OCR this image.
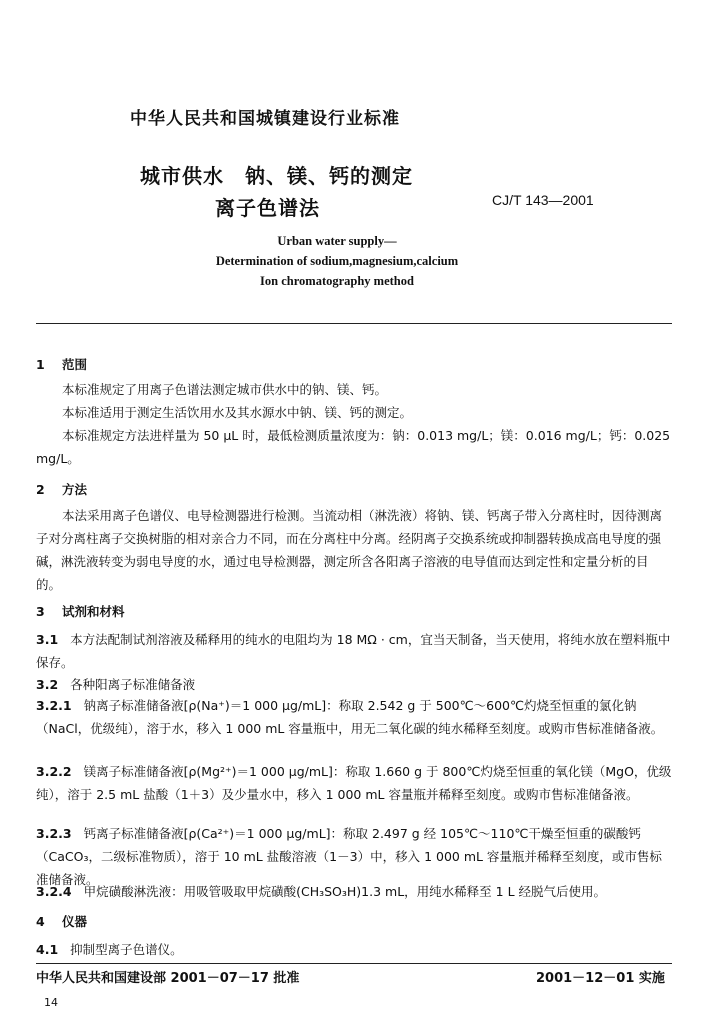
中华人民共和国城镇建设行业标准
城市供水　钠、镁、钙的测定
离子色谱法	CJ/T 143—2001
Urban water supply—
Determination of sodium,magnesium,calcium
Ion chromatography method
1 范围
本标准规定了用离子色谱法测定城市供水中的钠、镁、钙。
本标准适用于测定生活饮用水及其水源水中钠、镁、钙的测定。
本标准规定方法进样量为 50 μL 时，最低检测质量浓度为：钠：0.013 mg/L；镁：0.016 mg/L；钙：0.025 mg/L。
2 方法
本法采用离子色谱仪、电导检测器进行检测。当流动相（淋洗液）将钠、镁、钙离子带入分离柱时，因待测离子对分离柱离子交换树脂的相对亲合力不同，而在分离柱中分离。经阴离子交换系统或抑制器转换成高电导度的强碱，淋洗液转变为弱电导度的水，通过电导检测器，测定所含各阳离子溶液的电导值而达到定性和定量分析的目的。
3 试剂和材料
3.1 本方法配制试剂溶液及稀释用的纯水的电阻均为 18 MΩ · cm，宜当天制备，当天使用，将纯水放在塑料瓶中保存。
3.2 各种阳离子标准储备液
3.2.1 钠离子标准储备液[ρ(Na⁺)＝1 000 μg/mL]：称取 2.542 g 于 500℃～600℃灼烧至恒重的氯化钠（NaCl，优级纯），溶于水，移入 1 000 mL 容量瓶中，用无二氧化碳的纯水稀释至刻度。或购市售标准储备液。
3.2.2 镁离子标准储备液[ρ(Mg²⁺)＝1 000 μg/mL]：称取 1.660 g 于 800℃灼烧至恒重的氧化镁（MgO，优级纯），溶于 2.5 mL 盐酸（1＋3）及少量水中，移入 1 000 mL 容量瓶并稀释至刻度。或购市售标准储备液。
3.2.3 钙离子标准储备液[ρ(Ca²⁺)＝1 000 μg/mL]：称取 2.497 g 经 105℃～110℃干燥至恒重的碳酸钙（CaCO₃，二级标准物质），溶于 10 mL 盐酸溶液（1－3）中，移入 1 000 mL 容量瓶并稀释至刻度，或市售标准储备液。
3.2.4 甲烷磺酸淋洗液：用吸管吸取甲烷磺酸(CH₃SO₃H)1.3 mL，用纯水稀释至 1 L 经脱气后使用。
4 仪器
4.1 抑制型离子色谱仪。
中华人民共和国建设部 2001－07－17 批准	2001－12－01 实施
14
